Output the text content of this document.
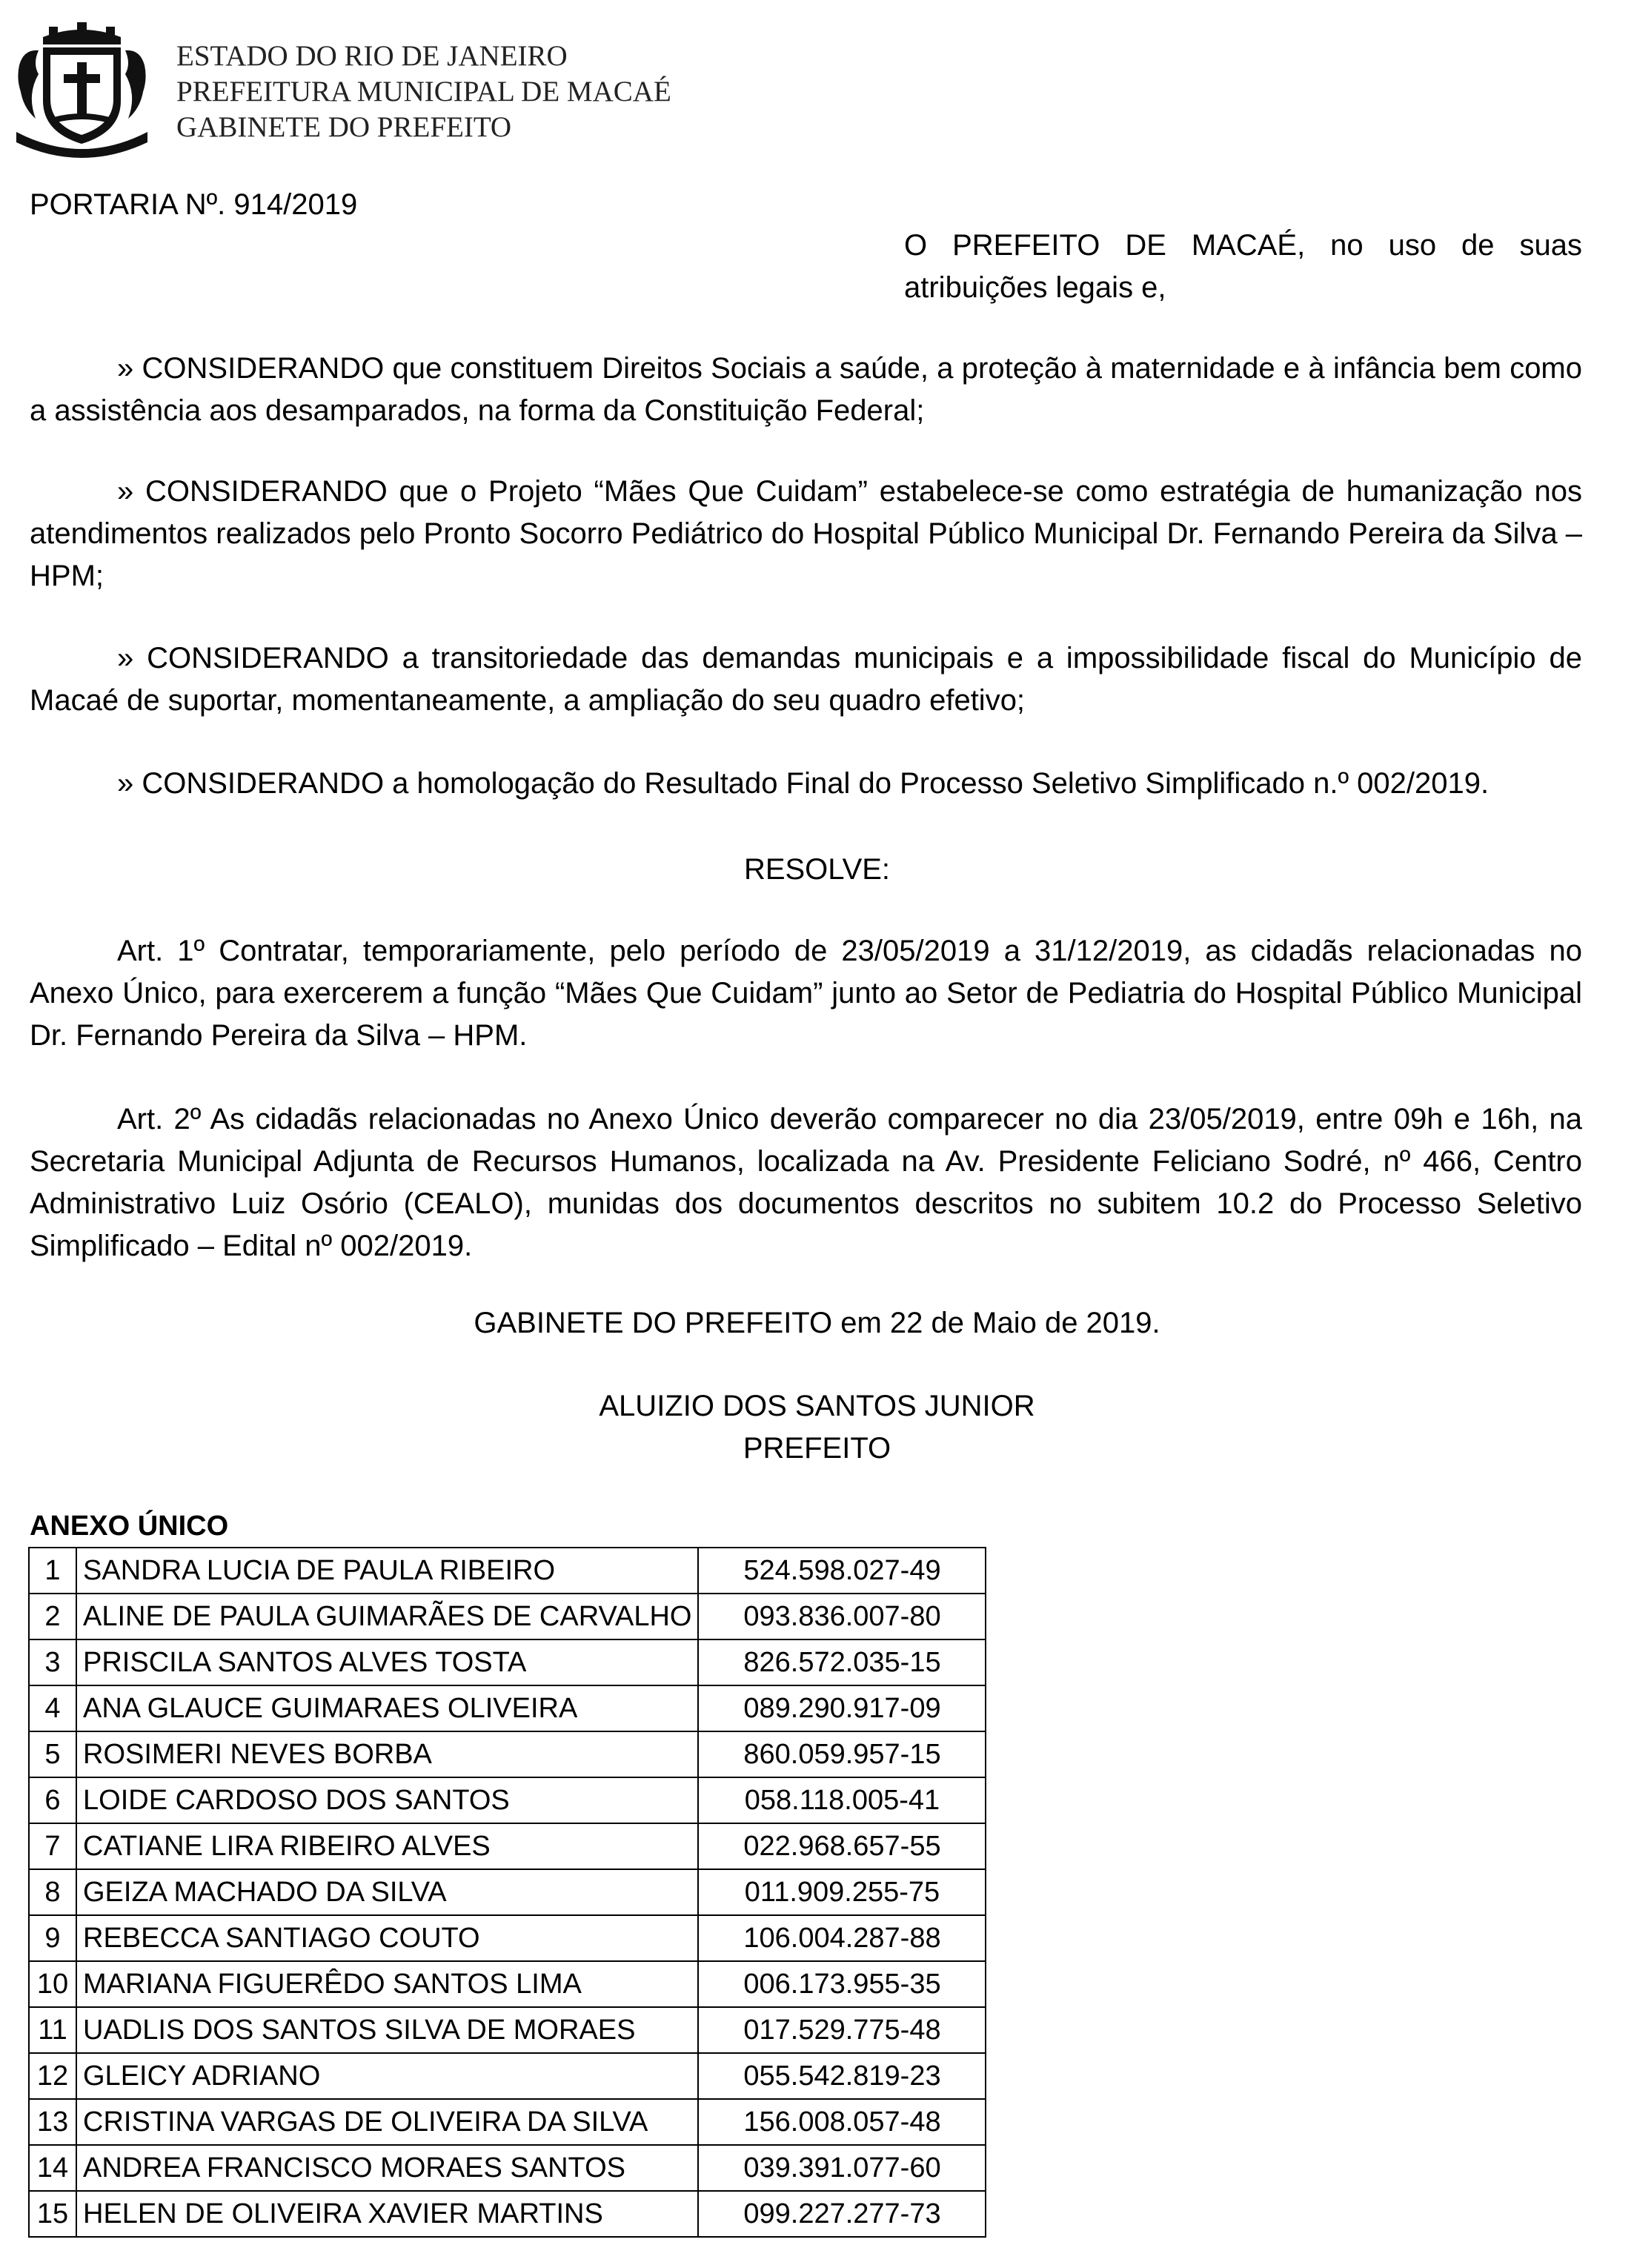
ESTADO DO RIO DE JANEIRO
PREFEITURA MUNICIPAL DE MACAÉ
GABINETE DO PREFEITO
PORTARIA Nº. 914/2019
O PREFEITO DE MACAÉ, no uso de suas atribuições legais e,

» CONSIDERANDO que constituem Direitos Sociais a saúde, a proteção à maternidade e à infância bem como a assistência aos desamparados, na forma da Constituição Federal;

» CONSIDERANDO que o Projeto “Mães Que Cuidam” estabelece-se como estratégia de humanização nos atendimentos realizados pelo Pronto Socorro Pediátrico do Hospital Público Municipal Dr. Fernando Pereira da Silva – HPM;

» CONSIDERANDO a transitoriedade das demandas municipais e a impossibilidade fiscal do Município de Macaé de suportar, momentaneamente, a ampliação do seu quadro efetivo;

» CONSIDERANDO a homologação do Resultado Final do Processo Seletivo Simplificado n.º 002/2019.

RESOLVE:

Art. 1º Contratar, temporariamente, pelo período de 23/05/2019 a 31/12/2019, as cidadãs relacionadas no Anexo Único, para exercerem a função “Mães Que Cuidam” junto ao Setor de Pediatria do Hospital Público Municipal Dr. Fernando Pereira da Silva – HPM.

Art. 2º As cidadãs relacionadas no Anexo Único deverão comparecer no dia 23/05/2019, entre 09h e 16h, na Secretaria Municipal Adjunta de Recursos Humanos, localizada na Av. Presidente Feliciano Sodré, nº 466, Centro Administrativo Luiz Osório (CEALO), munidas dos documentos descritos no subitem 10.2 do Processo Seletivo Simplificado – Edital nº 002/2019.

GABINETE DO PREFEITO em 22 de Maio de 2019.
ALUIZIO DOS SANTOS JUNIOR
PREFEITO
ANEXO ÚNICO
1	SANDRA LUCIA DE PAULA RIBEIRO	524.598.027-49
2	ALINE DE PAULA GUIMARÃES DE CARVALHO	093.836.007-80
3	PRISCILA SANTOS ALVES TOSTA	826.572.035-15
4	ANA GLAUCE GUIMARAES OLIVEIRA	089.290.917-09
5	ROSIMERI NEVES BORBA	860.059.957-15
6	LOIDE CARDOSO DOS SANTOS	058.118.005-41
7	CATIANE LIRA RIBEIRO ALVES	022.968.657-55
8	GEIZA MACHADO DA SILVA	011.909.255-75
9	REBECCA SANTIAGO COUTO	106.004.287-88
10	MARIANA FIGUERÊDO SANTOS LIMA	006.173.955-35
11	UADLIS DOS SANTOS SILVA DE MORAES	017.529.775-48
12	GLEICY ADRIANO	055.542.819-23
13	CRISTINA VARGAS DE OLIVEIRA DA SILVA	156.008.057-48
14	ANDREA FRANCISCO MORAES SANTOS	039.391.077-60
15	HELEN DE OLIVEIRA XAVIER MARTINS	099.227.277-73
